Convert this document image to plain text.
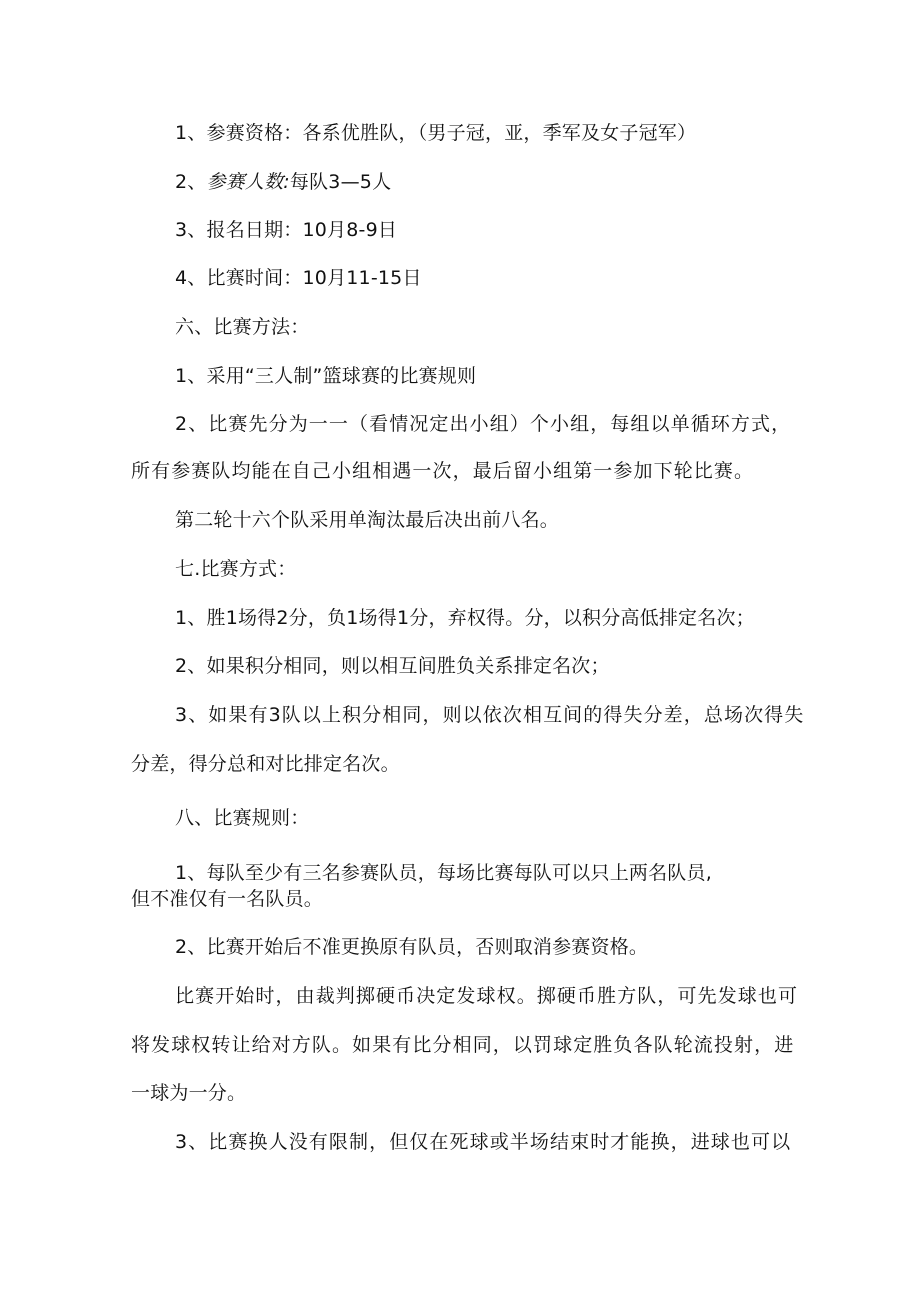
1、参赛资格：各系优胜队，（男子冠，亚，季军及女子冠军）
2、参赛人数:每队3—5人
3、报名日期：10月8-9日
4、比赛时间：10月11-15日
六、比赛方法：
1、采用“三人制”篮球赛的比赛规则
2、比赛先分为一一（看情况定出小组）个小组，每组以单循环方式，
所有参赛队均能在自己小组相遇一次，最后留小组第一参加下轮比赛。
第二轮十六个队采用单淘汰最后决出前八名。
七.比赛方式：
1、胜1场得2分，负1场得1分，弃权得。分，以积分高低排定名次；
2、如果积分相同，则以相互间胜负关系排定名次；
3、如果有3队以上积分相同，则以依次相互间的得失分差，总场次得失
分差，得分总和对比排定名次。
八、比赛规则：
1、每队至少有三名参赛队员，每场比赛每队可以只上两名队员,
但不准仅有一名队员。
2、比赛开始后不准更换原有队员，否则取消参赛资格。
比赛开始时，由裁判掷硬币决定发球权。掷硬币胜方队，可先发球也可
将发球权转让给对方队。如果有比分相同，以罚球定胜负各队轮流投射，进
一球为一分。
3、比赛换人没有限制，但仅在死球或半场结束时才能换，进球也可以
